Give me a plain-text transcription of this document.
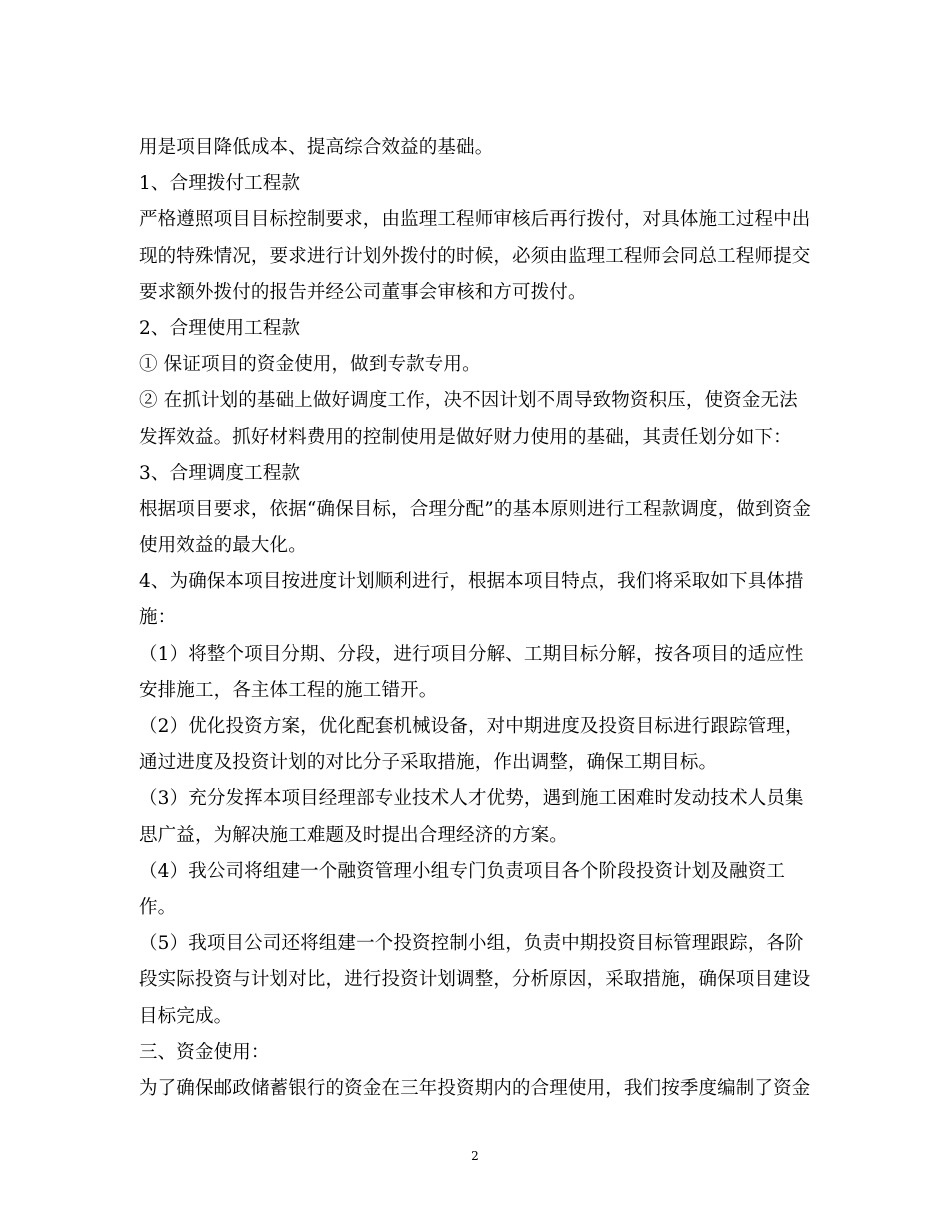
用是项目降低成本、提高综合效益的基础。
1、合理拨付工程款
严格遵照项目目标控制要求，由监理工程师审核后再行拨付，对具体施工过程中出
现的特殊情况，要求进行计划外拨付的时候，必须由监理工程师会同总工程师提交
要求额外拨付的报告并经公司董事会审核和方可拨付。
2、合理使用工程款
① 保证项目的资金使用，做到专款专用。
② 在抓计划的基础上做好调度工作，决不因计划不周导致物资积压，使资金无法
发挥效益。抓好材料费用的控制使用是做好财力使用的基础，其责任划分如下：
3、合理调度工程款
根据项目要求，依据“确保目标，合理分配”的基本原则进行工程款调度，做到资金
使用效益的最大化。
4、为确保本项目按进度计划顺利进行，根据本项目特点，我们将采取如下具体措
施：
（1）将整个项目分期、分段，进行项目分解、工期目标分解，按各项目的适应性
安排施工，各主体工程的施工错开。
（2）优化投资方案，优化配套机械设备，对中期进度及投资目标进行跟踪管理，
通过进度及投资计划的对比分子采取措施，作出调整，确保工期目标。
（3）充分发挥本项目经理部专业技术人才优势，遇到施工困难时发动技术人员集
思广益，为解决施工难题及时提出合理经济的方案。
（4）我公司将组建一个融资管理小组专门负责项目各个阶段投资计划及融资工
作。
（5）我项目公司还将组建一个投资控制小组，负责中期投资目标管理跟踪，各阶
段实际投资与计划对比，进行投资计划调整，分析原因，采取措施，确保项目建设
目标完成。
三、资金使用：
为了确保邮政储蓄银行的资金在三年投资期内的合理使用，我们按季度编制了资金
2
